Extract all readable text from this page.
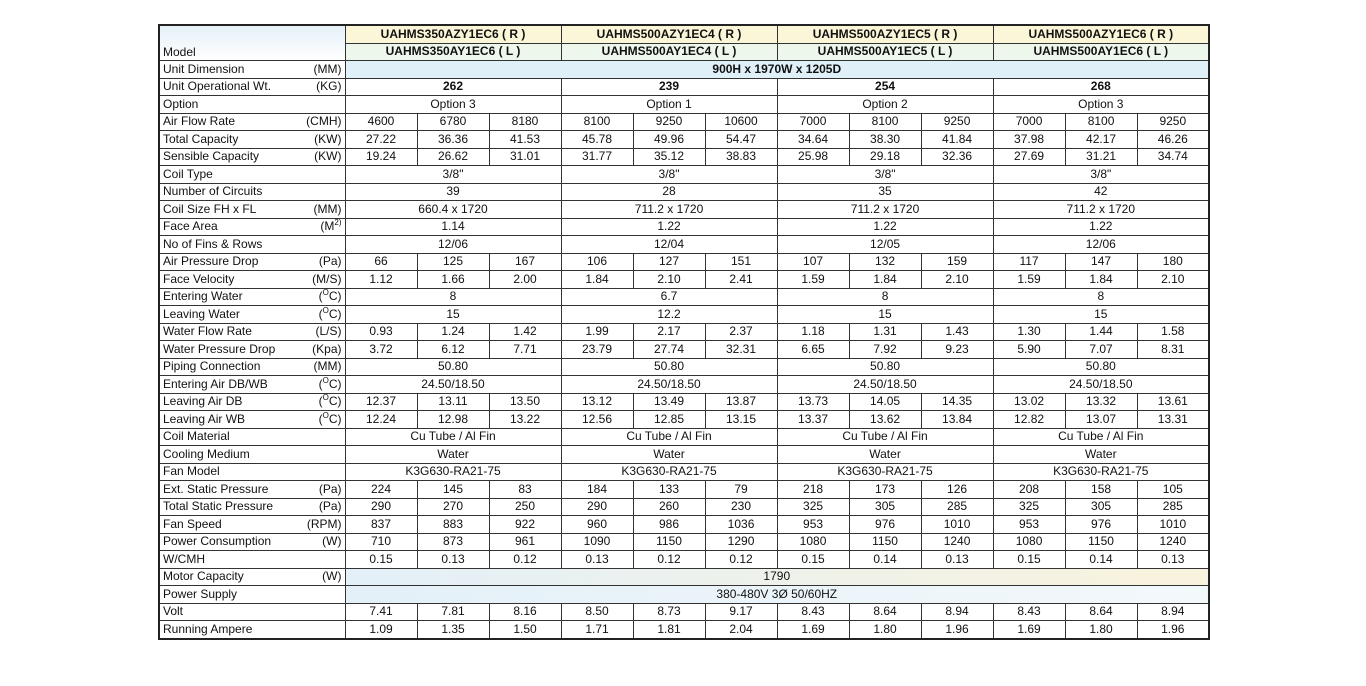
Model	UAHMS350AZY1EC6 ( R )			UAHMS500AZY1EC4 ( R )			UAHMS500AZY1EC5 ( R )			UAHMS500AZY1EC6 ( R )		
	UAHMS350AY1EC6 ( L )			UAHMS500AY1EC4 ( L )			UAHMS500AY1EC5 ( L )			UAHMS500AY1EC6 ( L )		
Unit Dimension (MM)	900H x 1970W x 1205D											
Unit Operational Wt. (KG)	262			239			254			268		
Option	Option 3			Option 1			Option 2			Option 3		
Air Flow Rate (CMH)	4600	6780	8180	8100	9250	10600	7000	8100	9250	7000	8100	9250
Total Capacity (KW)	27.22	36.36	41.53	45.78	49.96	54.47	34.64	38.30	41.84	37.98	42.17	46.26
Sensible Capacity (KW)	19.24	26.62	31.01	31.77	35.12	38.83	25.98	29.18	32.36	27.69	31.21	34.74
Coil Type	3/8"			3/8"			3/8"			3/8"		
Number of Circuits	39			28			35			42		
Coil Size FH x FL (MM)	660.4 x 1720			711.2 x 1720			711.2 x 1720			711.2 x 1720		
Face Area ($M^{2)}$	1.14			1.22			1.22			1.22		
No of Fins & Rows	12/06			12/04			12/05			12/06		
Air Pressure Drop (Pa)	66	125	167	106	127	151	107	132	159	117	147	180
Face Velocity (M/S)	1.12	1.66	2.00	1.84	2.10	2.41	1.59	1.84	2.10	1.59	1.84	2.10
Entering Water ($^O$C)	8			6.7			8			8		
Leaving Water ($^O$C)	15			12.2			15			15		
Water Flow Rate (L/S)	0.93	1.24	1.42	1.99	2.17	2.37	1.18	1.31	1.43	1.30	1.44	1.58
Water Pressure Drop (Kpa)	3.72	6.12	7.71	23.79	27.74	32.31	6.65	7.92	9.23	5.90	7.07	8.31
Piping Connection (MM)	50.80			50.80			50.80			50.80		
Entering Air DB/WB ($^O$C)	24.50/18.50			24.50/18.50			24.50/18.50			24.50/18.50		
Leaving Air DB ($^O$C)	12.37	13.11	13.50	13.12	13.49	13.87	13.73	14.05	14.35	13.02	13.32	13.61
Leaving Air WB ($^O$C)	12.24	12.98	13.22	12.56	12.85	13.15	13.37	13.62	13.84	12.82	13.07	13.31
Coil Material	Cu Tube / Al Fin			Cu Tube / Al Fin			Cu Tube / Al Fin			Cu Tube / Al Fin		
Cooling Medium	Water			Water			Water			Water		
Fan Model	K3G630-RA21-75			K3G630-RA21-75			K3G630-RA21-75			K3G630-RA21-75		
Ext. Static Pressure (Pa)	224	145	83	184	133	79	218	173	126	208	158	105
Total Static Pressure (Pa)	290	270	250	290	260	230	325	305	285	325	305	285
Fan Speed (RPM)	837	883	922	960	986	1036	953	976	1010	953	976	1010
Power Consumption (W)	710	873	961	1090	1150	1290	1080	1150	1240	1080	1150	1240
W/CMH	0.15	0.13	0.12	0.13	0.12	0.12	0.15	0.14	0.13	0.15	0.14	0.13
Motor Capacity (W)	1790											
Power Supply	380-480V 3Ø 50/60HZ											
Volt	7.41	7.81	8.16	8.50	8.73	9.17	8.43	8.64	8.94	8.43	8.64	8.94
Running Ampere	1.09	1.35	1.50	1.71	1.81	2.04	1.69	1.80	1.96	1.69	1.80	1.96
